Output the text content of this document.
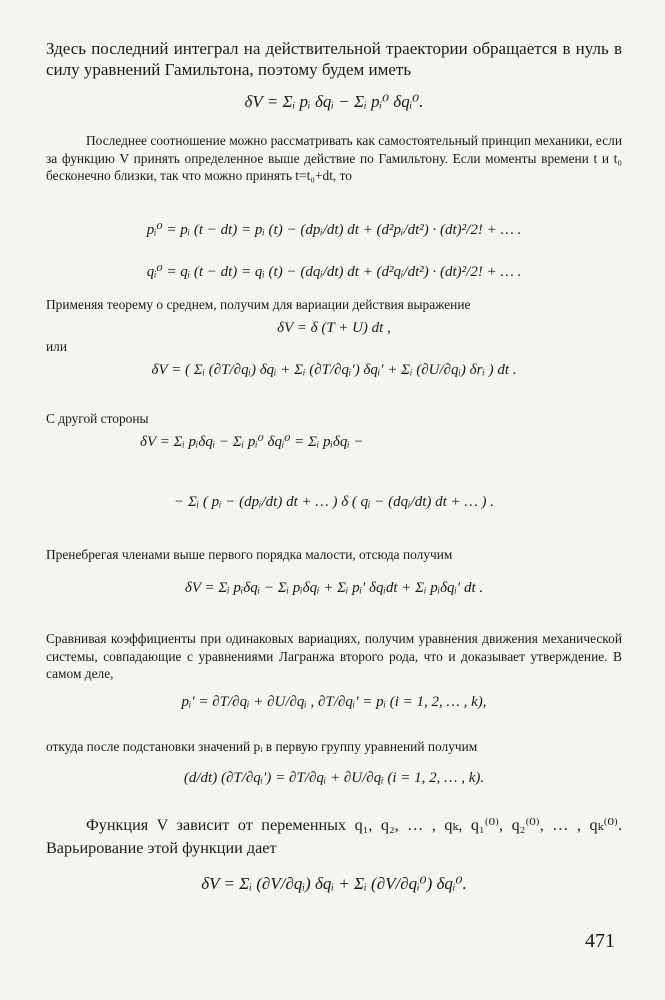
Здесь последний интеграл на действительной траектории обращается в нуль в силу уравнений Гамильтона, поэтому будем иметь
δV = Σᵢ pᵢ δqᵢ − Σᵢ pᵢ⁰ δqᵢ⁰.
Последнее соотношение можно рассматривать как самостоятельный принцип механики, если за функцию V принять определенное выше действие по Гамильтону. Если моменты времени t и t₀ бесконечно близки, так что можно принять t=t₀+dt, то
pᵢ⁰ = pᵢ (t − dt) = pᵢ (t) − (dpᵢ/dt) dt + (d²pᵢ/dt²) · (dt)²/2! + … .
qᵢ⁰ = qᵢ (t − dt) = qᵢ (t) − (dqᵢ/dt) dt + (d²qᵢ/dt²) · (dt)²/2! + … .
Применяя теорему о среднем, получим для вариации действия выражение
δV = δ (T + U) dt ,
или
δV = ( Σᵢ (∂T/∂qᵢ) δqᵢ + Σᵢ (∂T/∂qᵢ′) δqᵢ′ + Σᵢ (∂U/∂qᵢ) δrᵢ ) dt .
С другой стороны
δV = Σᵢ pᵢδqᵢ − Σᵢ pᵢ⁰ δqᵢ⁰ = Σᵢ pᵢδqᵢ −
− Σᵢ ( pᵢ − (dpᵢ/dt) dt + … ) δ ( qᵢ − (dqᵢ/dt) dt + … ) .
Пренебрегая членами выше первого порядка малости, отсюда получим
δV = Σᵢ pᵢδqᵢ − Σᵢ pᵢδqᵢ + Σᵢ pᵢ′ δqᵢdt + Σᵢ pᵢδqᵢ′ dt .
Сравнивая коэффициенты при одинаковых вариациях, получим уравнения движения механической системы, совпадающие с уравнениями Лагранжа второго рода, что и доказывает утверждение. В самом деле,
pᵢ′ = ∂T/∂qᵢ + ∂U/∂qᵢ , ∂T/∂qᵢ′ = pᵢ (i = 1, 2, … , k),
откуда после подстановки значений pᵢ в первую группу уравнений получим
(d/dt) (∂T/∂qᵢ′) = ∂T/∂qᵢ + ∂U/∂qᵢ (i = 1, 2, … , k).
Функция V зависит от переменных q₁, q₂, … , qₖ, q₁⁽⁰⁾, q₂⁽⁰⁾, … , qₖ⁽⁰⁾. Варьирование этой функции дает
δV = Σᵢ (∂V/∂qᵢ) δqᵢ + Σᵢ (∂V/∂qᵢ⁰) δqᵢ⁰.
471
